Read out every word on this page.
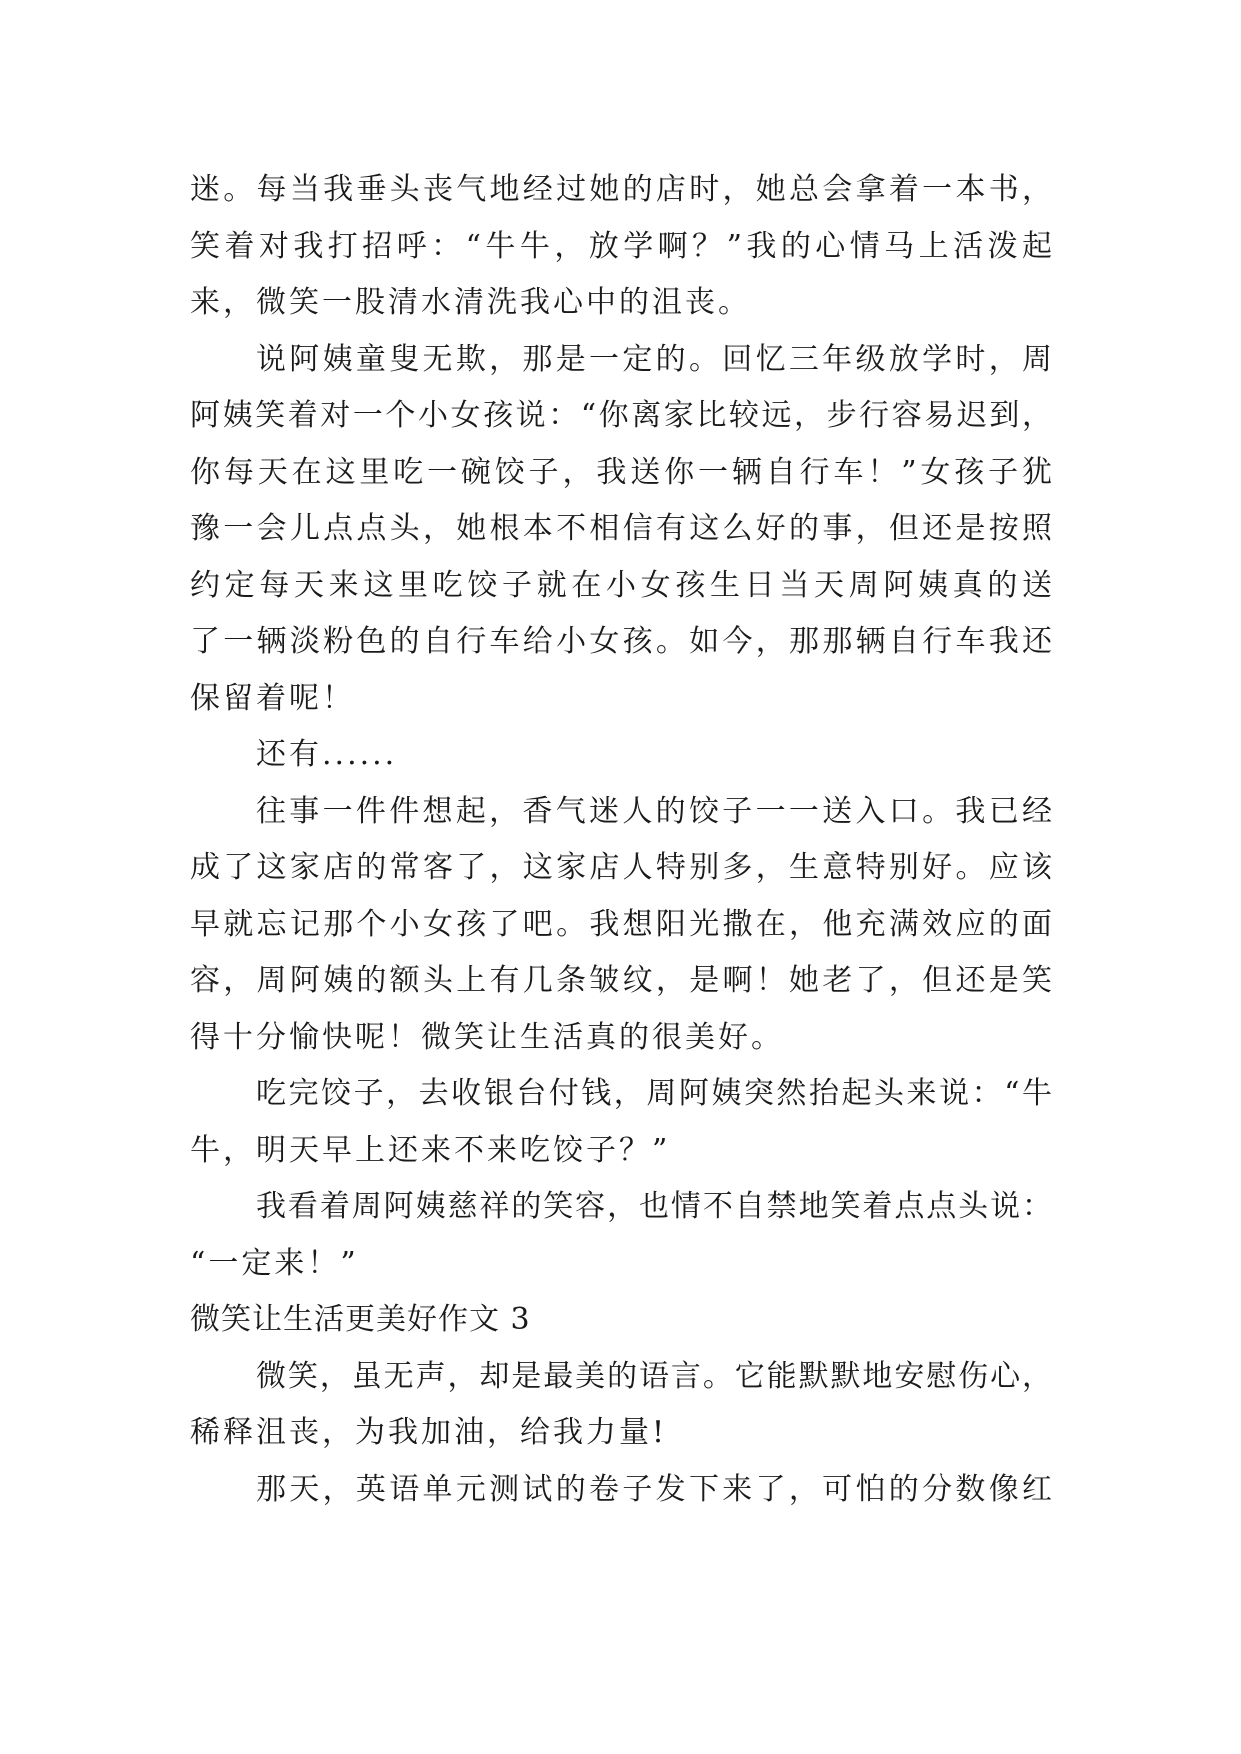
迷。每当我垂头丧气地经过她的店时，她总会拿着一本书，
笑着对我打招呼：“牛牛，放学啊？”我的心情马上活泼起
来，微笑一股清水清洗我心中的沮丧。
说阿姨童叟无欺，那是一定的。回忆三年级放学时，周
阿姨笑着对一个小女孩说：“你离家比较远，步行容易迟到，
你每天在这里吃一碗饺子，我送你一辆自行车！”女孩子犹
豫一会儿点点头，她根本不相信有这么好的事，但还是按照
约定每天来这里吃饺子就在小女孩生日当天周阿姨真的送
了一辆淡粉色的自行车给小女孩。如今，那那辆自行车我还
保留着呢！
还有......
往事一件件想起，香气迷人的饺子一一送入口。我已经
成了这家店的常客了，这家店人特别多，生意特别好。应该
早就忘记那个小女孩了吧。我想阳光撒在，他充满效应的面
容，周阿姨的额头上有几条皱纹，是啊！她老了，但还是笑
得十分愉快呢！微笑让生活真的很美好。
吃完饺子，去收银台付钱，周阿姨突然抬起头来说：“牛
牛，明天早上还来不来吃饺子？”
我看着周阿姨慈祥的笑容，也情不自禁地笑着点点头说：
“一定来！”
微笑让生活更美好作文 3
微笑，虽无声，却是最美的语言。它能默默地安慰伤心，
稀释沮丧，为我加油，给我力量!
那天，英语单元测试的卷子发下来了，可怕的分数像红
